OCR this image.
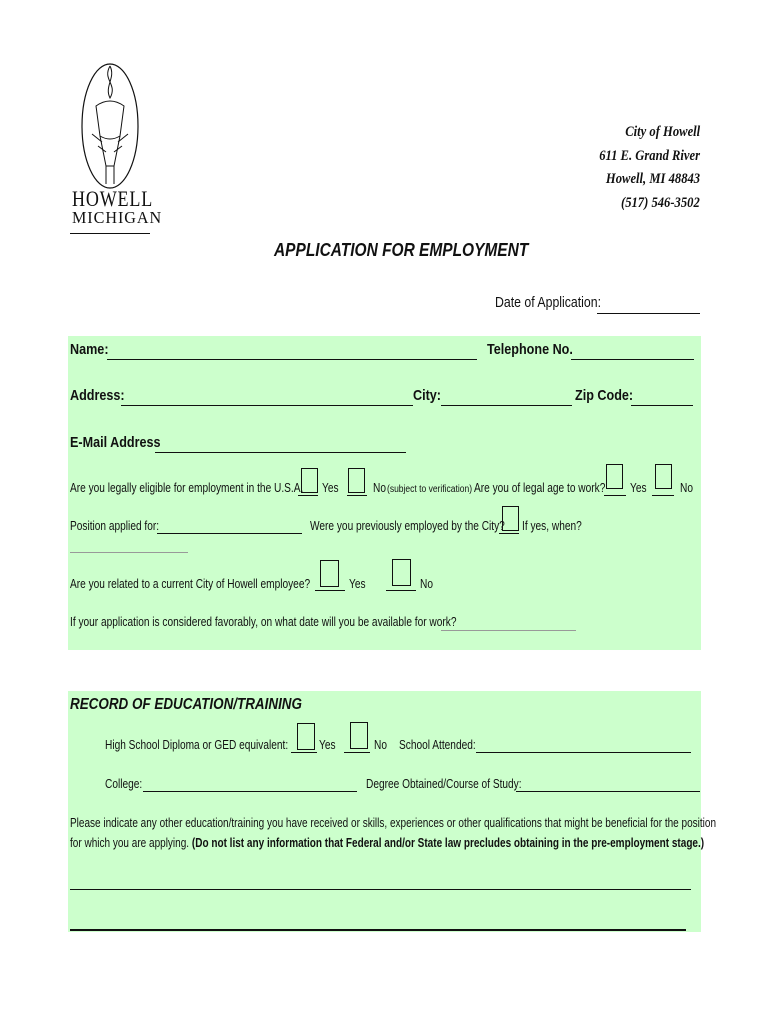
HOWELL
MICHIGAN
City of Howell
611 E. Grand River
Howell, MI 48843
(517) 546-3502
APPLICATION FOR EMPLOYMENT
Date of Application:
Name:	Telephone No.
Address:	City:	Zip Code:
E-Mail Address
Are you legally eligible for employment in the U.S.A. Yes	No (subject to verification) Are you of legal age to work? Yes	No
Position applied for:	Were you previously employed by the City? If yes, when?
Are you related to a current City of Howell employee?	Yes	No
If your application is considered favorably, on what date will you be available for work?
RECORD OF EDUCATION/TRAINING
High School Diploma or GED equivalent: Yes	No School Attended:
College:	Degree Obtained/Course of Study:
Please indicate any other education/training you have received or skills, experiences or other qualifications that might be beneficial for the position
for which you are applying. (Do not list any information that Federal and/or State law precludes obtaining in the pre-employment stage.)
